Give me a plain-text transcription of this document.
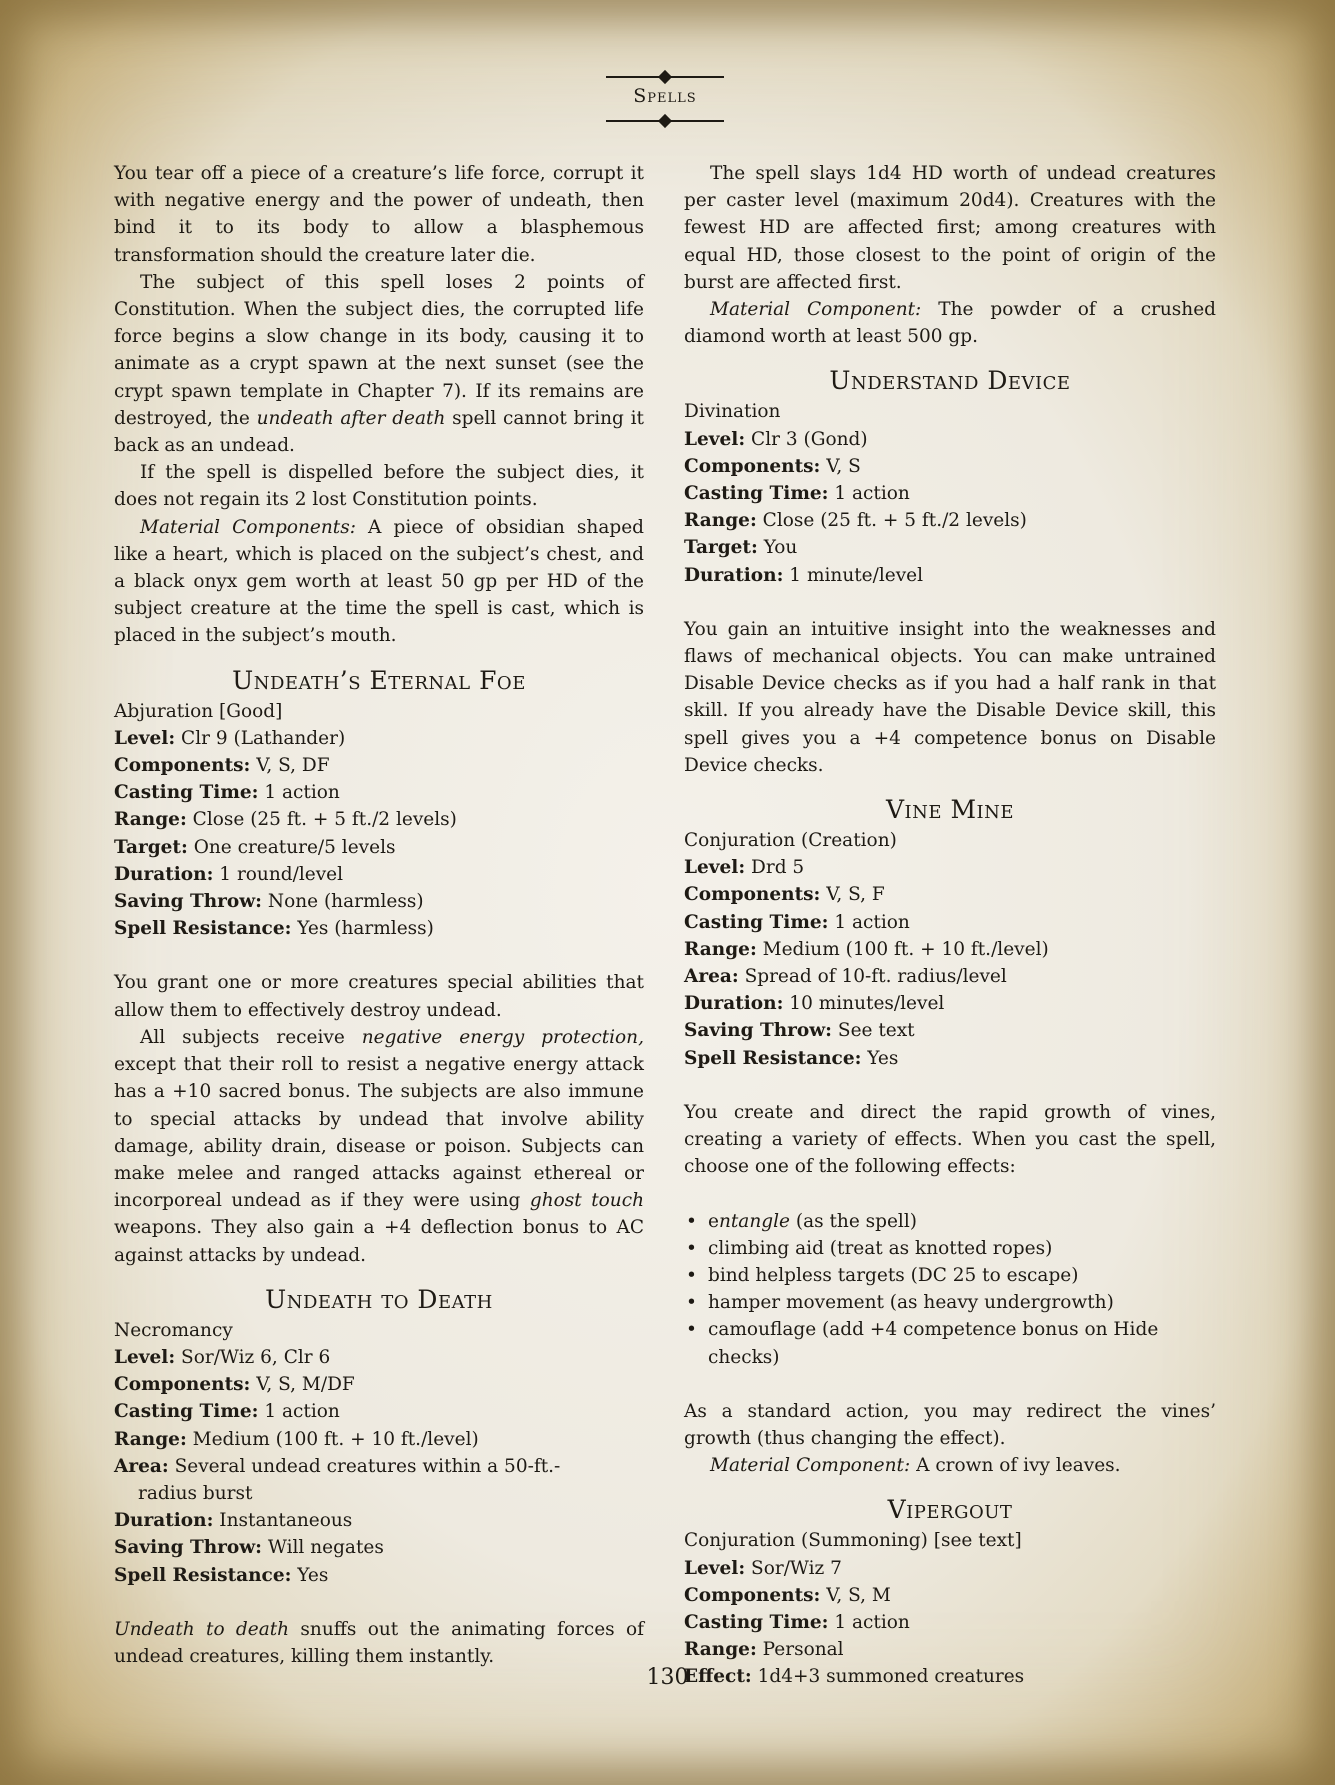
Spells

You tear off a piece of a creature’s life force, corrupt it with negative energy and the power of undeath, then bind it to its body to allow a blasphemous transformation should the creature later die.

The subject of this spell loses 2 points of Constitution. When the subject dies, the corrupted life force begins a slow change in its body, causing it to animate as a crypt spawn at the next sunset (see the crypt spawn template in Chapter 7). If its remains are destroyed, the undeath after death spell cannot bring it back as an undead.

If the spell is dispelled before the subject dies, it does not regain its 2 lost Constitution points.

Material Components: A piece of obsidian shaped like a heart, which is placed on the subject’s chest, and a black onyx gem worth at least 50 gp per HD of the subject creature at the time the spell is cast, which is placed in the subject’s mouth.

Undeath’s Eternal Foe
Abjuration [Good]
Level: Clr 9 (Lathander)
Components: V, S, DF
Casting Time: 1 action
Range: Close (25 ft. + 5 ft./2 levels)
Target: One creature/5 levels
Duration: 1 round/level
Saving Throw: None (harmless)
Spell Resistance: Yes (harmless)

You grant one or more creatures special abilities that allow them to effectively destroy undead.

All subjects receive negative energy protection, except that their roll to resist a negative energy attack has a +10 sacred bonus. The subjects are also immune to special attacks by undead that involve ability damage, ability drain, disease or poison. Subjects can make melee and ranged attacks against ethereal or incorporeal undead as if they were using ghost touch weapons. They also gain a +4 deflection bonus to AC against attacks by undead.

Undeath to Death
Necromancy
Level: Sor/Wiz 6, Clr 6
Components: V, S, M/DF
Casting Time: 1 action
Range: Medium (100 ft. + 10 ft./level)
Area: Several undead creatures within a 50-ft.-radius burst
Duration: Instantaneous
Saving Throw: Will negates
Spell Resistance: Yes

Undeath to death snuffs out the animating forces of undead creatures, killing them instantly.

The spell slays 1d4 HD worth of undead creatures per caster level (maximum 20d4). Creatures with the fewest HD are affected first; among creatures with equal HD, those closest to the point of origin of the burst are affected first.

Material Component: The powder of a crushed diamond worth at least 500 gp.

Understand Device
Divination
Level: Clr 3 (Gond)
Components: V, S
Casting Time: 1 action
Range: Close (25 ft. + 5 ft./2 levels)
Target: You
Duration: 1 minute/level

You gain an intuitive insight into the weaknesses and flaws of mechanical objects. You can make untrained Disable Device checks as if you had a half rank in that skill. If you already have the Disable Device skill, this spell gives you a +4 competence bonus on Disable Device checks.

Vine Mine
Conjuration (Creation)
Level: Drd 5
Components: V, S, F
Casting Time: 1 action
Range: Medium (100 ft. + 10 ft./level)
Area: Spread of 10-ft. radius/level
Duration: 10 minutes/level
Saving Throw: See text
Spell Resistance: Yes

You create and direct the rapid growth of vines, creating a variety of effects. When you cast the spell, choose one of the following effects:

• entangle (as the spell)
• climbing aid (treat as knotted ropes)
• bind helpless targets (DC 25 to escape)
• hamper movement (as heavy undergrowth)
• camouflage (add +4 competence bonus on Hide checks)

As a standard action, you may redirect the vines’ growth (thus changing the effect).

Material Component: A crown of ivy leaves.

Vipergout
Conjuration (Summoning) [see text]
Level: Sor/Wiz 7
Components: V, S, M
Casting Time: 1 action
Range: Personal
Effect: 1d4+3 summoned creatures
130
